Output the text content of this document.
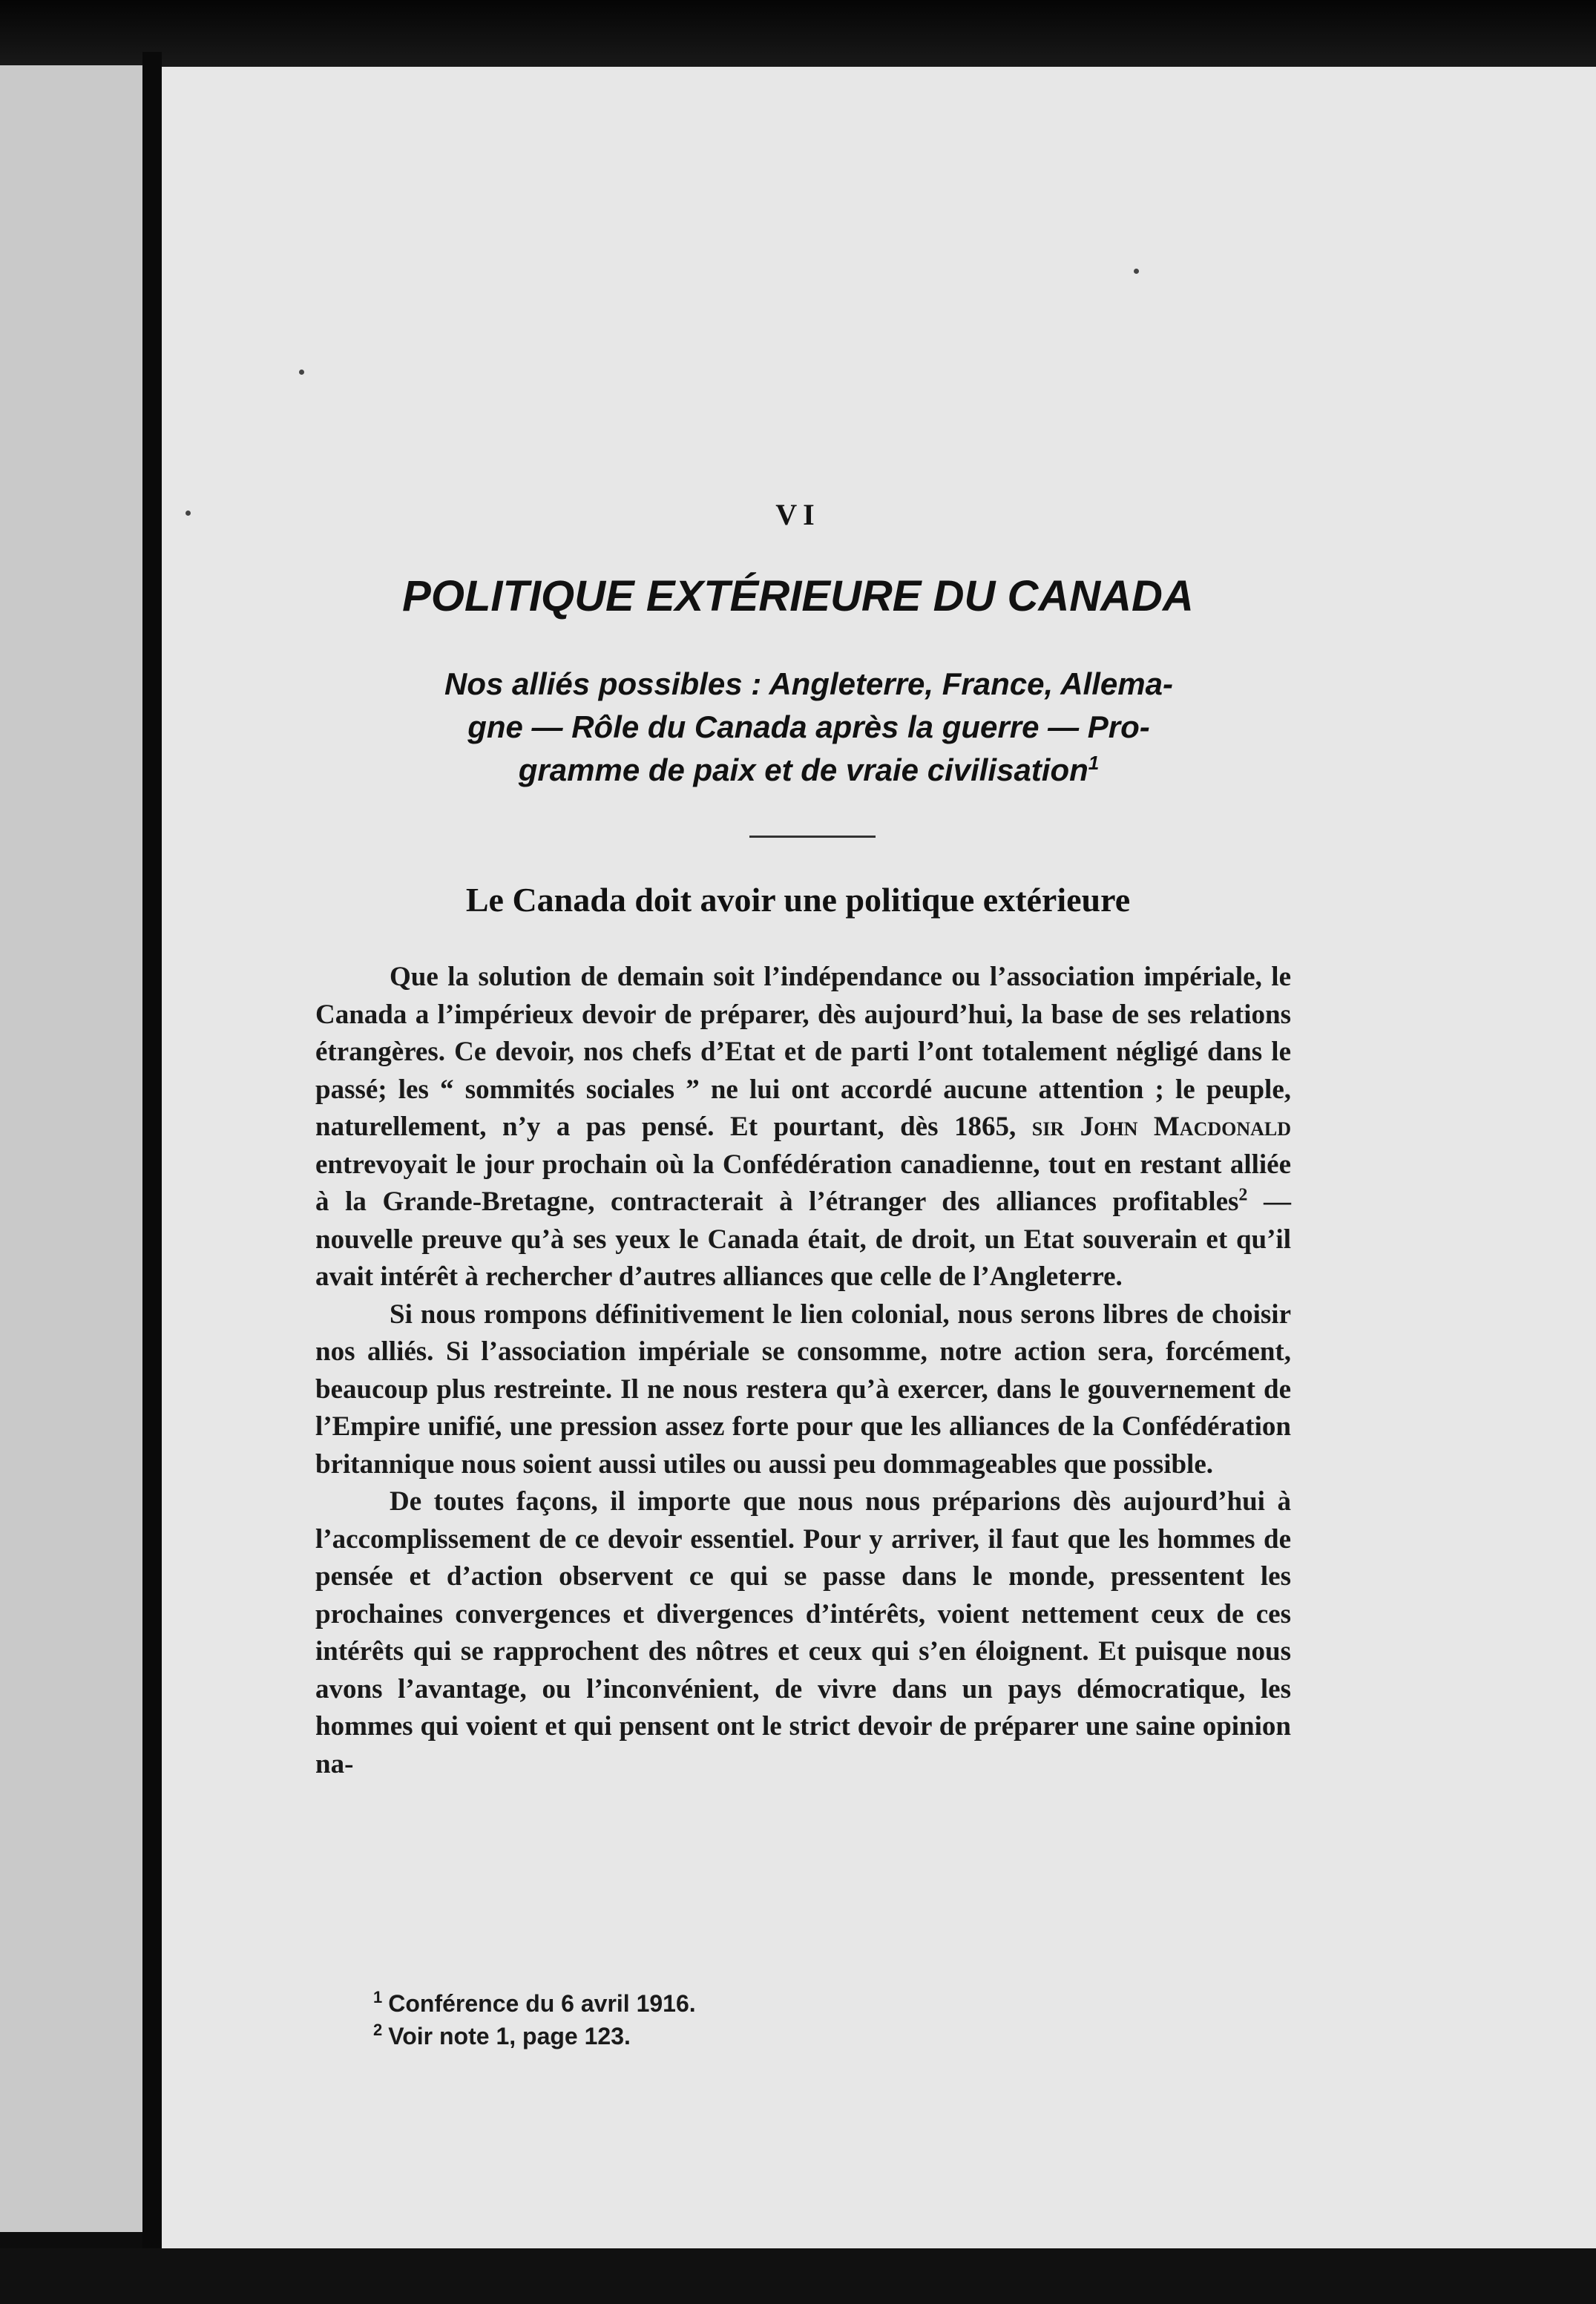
VI
POLITIQUE EXTÉRIEURE DU CANADA

Nos alliés possibles : Angleterre, France, Allema-

gne — Rôle du Canada après la guerre — Pro-

gramme de paix et de vraie civilisation$^1$

Le Canada doit avoir une politique extérieure

Que la solution de demain soit l’indépendance ou l’association impériale, le Canada a l’impérieux devoir de préparer, dès aujourd’hui, la base de ses relations étrangères. Ce devoir, nos chefs d’Etat et de parti l’ont totalement négligé dans le passé; les “ sommités sociales ” ne lui ont accordé aucune attention ; le peuple, naturellement, n’y a pas pensé. Et pourtant, dès 1865, sir John Macdonald entrevoyait le jour prochain où la Confédération canadienne, tout en restant alliée à la Grande-Bretagne, contracterait à l’étranger des alliances profitables$^2$ — nouvelle preuve qu’à ses yeux le Canada était, de droit, un Etat souverain et qu’il avait intérêt à rechercher d’autres alliances que celle de l’Angleterre.

Si nous rompons définitivement le lien colonial, nous serons libres de choisir nos alliés. Si l’association impériale se consomme, notre action sera, forcément, beaucoup plus restreinte. Il ne nous restera qu’à exercer, dans le gouvernement de l’Empire unifié, une pression assez forte pour que les alliances de la Confédération britannique nous soient aussi utiles ou aussi peu dommageables que possible.

De toutes façons, il importe que nous nous préparions dès aujourd’hui à l’accomplissement de ce devoir essentiel. Pour y arriver, il faut que les hommes de pensée et d’action observent ce qui se passe dans le monde, pressentent les prochaines convergences et divergences d’intérêts, voient nettement ceux de ces intérêts qui se rapprochent des nôtres et ceux qui s’en éloignent. Et puisque nous avons l’avantage, ou l’inconvénient, de vivre dans un pays démocratique, les hommes qui voient et qui pensent ont le strict devoir de préparer une saine opinion na-

$^1$ Conférence du 6 avril 1916.

$^2$ Voir note 1, page 123.
